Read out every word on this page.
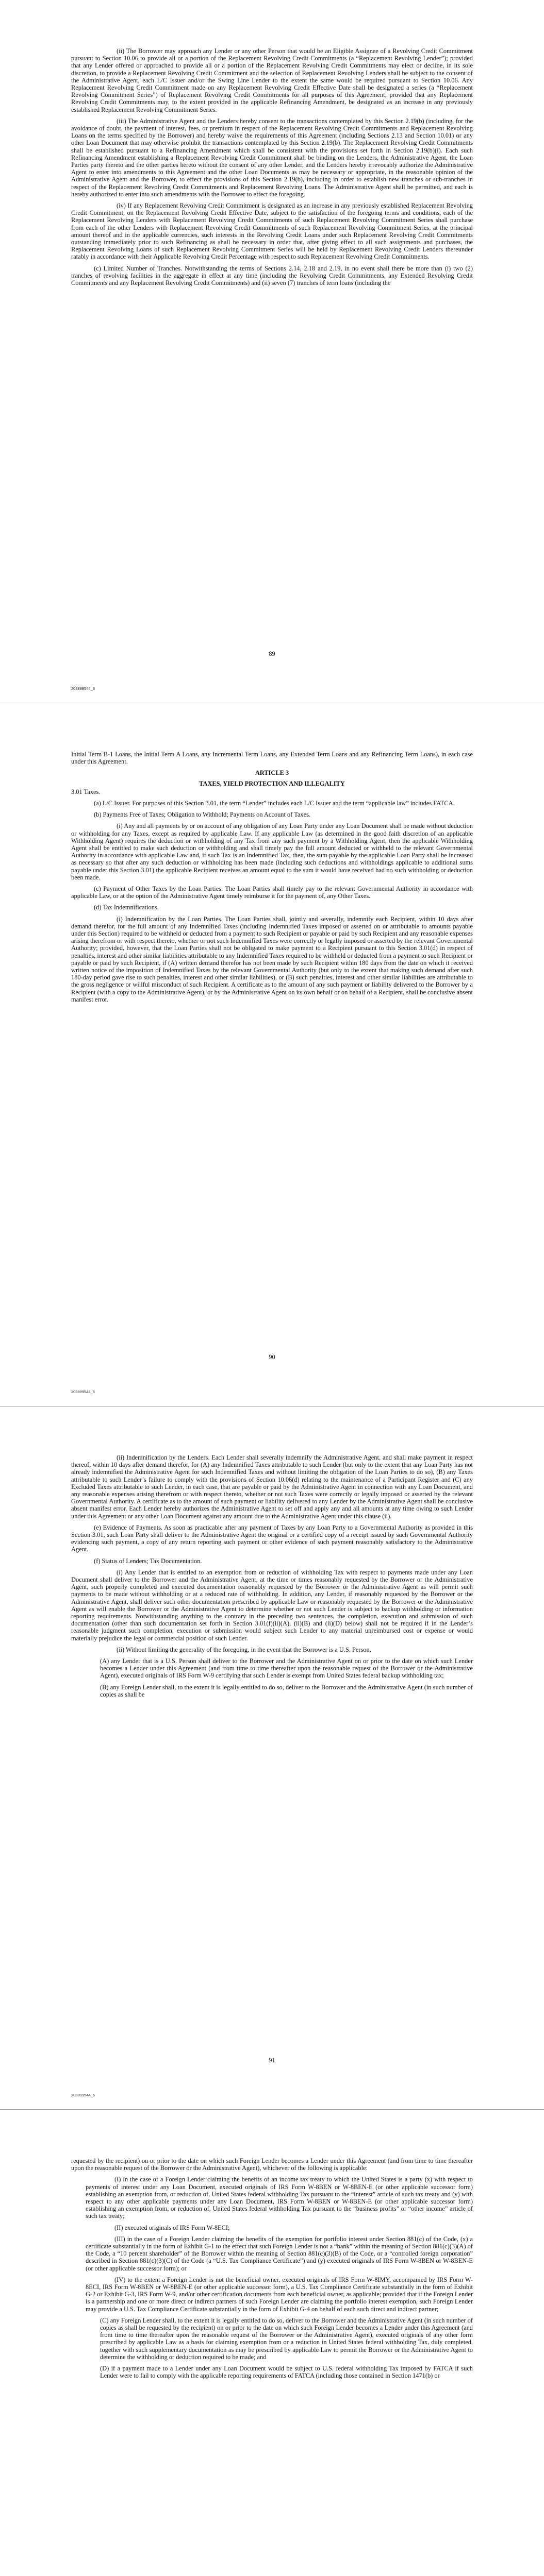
(ii) The Borrower may approach any Lender or any other Person that would be an Eligible Assignee of a Revolving Credit Commitment pursuant to Section 10.06 to provide all or a portion of the Replacement Revolving Credit Commitments (a “Replacement Revolving Lender”); provided that any Lender offered or approached to provide all or a portion of the Replacement Revolving Credit Commitments may elect or decline, in its sole discretion, to provide a Replacement Revolving Credit Commitment and the selection of Replacement Revolving Lenders shall be subject to the consent of the Administrative Agent, each L/C Issuer and/or the Swing Line Lender to the extent the same would be required pursuant to Section 10.06. Any Replacement Revolving Credit Commitment made on any Replacement Revolving Credit Effective Date shall be designated a series (a “Replacement Revolving Commitment Series”) of Replacement Revolving Credit Commitments for all purposes of this Agreement; provided that any Replacement Revolving Credit Commitments may, to the extent provided in the applicable Refinancing Amendment, be designated as an increase in any previously established Replacement Revolving Commitment Series.

(iii) The Administrative Agent and the Lenders hereby consent to the transactions contemplated by this Section 2.19(b) (including, for the avoidance of doubt, the payment of interest, fees, or premium in respect of the Replacement Revolving Credit Commitments and Replacement Revolving Loans on the terms specified by the Borrower) and hereby waive the requirements of this Agreement (including Sections 2.13 and Section 10.01) or any other Loan Document that may otherwise prohibit the transactions contemplated by this Section 2.19(b). The Replacement Revolving Credit Commitments shall be established pursuant to a Refinancing Amendment which shall be consistent with the provisions set forth in Section 2.19(b)(i). Each such Refinancing Amendment establishing a Replacement Revolving Credit Commitment shall be binding on the Lenders, the Administrative Agent, the Loan Parties party thereto and the other parties hereto without the consent of any other Lender, and the Lenders hereby irrevocably authorize the Administrative Agent to enter into amendments to this Agreement and the other Loan Documents as may be necessary or appropriate, in the reasonable opinion of the Administrative Agent and the Borrower, to effect the provisions of this Section 2.19(b), including in order to establish new tranches or sub-tranches in respect of the Replacement Revolving Credit Commitments and Replacement Revolving Loans. The Administrative Agent shall be permitted, and each is hereby authorized to enter into such amendments with the Borrower to effect the foregoing.

(iv) If any Replacement Revolving Credit Commitment is designated as an increase in any previously established Replacement Revolving Credit Commitment, on the Replacement Revolving Credit Effective Date, subject to the satisfaction of the foregoing terms and conditions, each of the Replacement Revolving Lenders with Replacement Revolving Credit Commitments of such Replacement Revolving Commitment Series shall purchase from each of the other Lenders with Replacement Revolving Credit Commitments of such Replacement Revolving Commitment Series, at the principal amount thereof and in the applicable currencies, such interests in the Revolving Credit Loans under such Replacement Revolving Credit Commitments outstanding immediately prior to such Refinancing as shall be necessary in order that, after giving effect to all such assignments and purchases, the Replacement Revolving Loans of such Replacement Revolving Commitment Series will be held by Replacement Revolving Credit Lenders thereunder ratably in accordance with their Applicable Revolving Credit Percentage with respect to such Replacement Revolving Credit Commitments.

(c) Limited Number of Tranches. Notwithstanding the terms of Sections 2.14, 2.18 and 2.19, in no event shall there be more than (i) two (2) tranches of revolving facilities in the aggregate in effect at any time (including the Revolving Credit Commitments, any Extended Revolving Credit Commitments and any Replacement Revolving Credit Commitments) and (ii) seven (7) tranches of term loans (including the

89
208899544_6

Initial Term B-1 Loans, the Initial Term A Loans, any Incremental Term Loans, any Extended Term Loans and any Refinancing Term Loans), in each case under this Agreement.

ARTICLE 3
TAXES, YIELD PROTECTION AND ILLEGALITY

3.01 Taxes.

(a) L/C Issuer. For purposes of this Section 3.01, the term “Lender” includes each L/C Issuer and the term “applicable law” includes FATCA.

(b) Payments Free of Taxes; Obligation to Withhold; Payments on Account of Taxes.

(i) Any and all payments by or on account of any obligation of any Loan Party under any Loan Document shall be made without deduction or withholding for any Taxes, except as required by applicable Law. If any applicable Law (as determined in the good faith discretion of an applicable Withholding Agent) requires the deduction or withholding of any Tax from any such payment by a Withholding Agent, then the applicable Withholding Agent shall be entitled to make such deduction or withholding and shall timely pay the full amount deducted or withheld to the relevant Governmental Authority in accordance with applicable Law and, if such Tax is an Indemnified Tax, then, the sum payable by the applicable Loan Party shall be increased as necessary so that after any such deduction or withholding has been made (including such deductions and withholdings applicable to additional sums payable under this Section 3.01) the applicable Recipient receives an amount equal to the sum it would have received had no such withholding or deduction been made.

(c) Payment of Other Taxes by the Loan Parties. The Loan Parties shall timely pay to the relevant Governmental Authority in accordance with applicable Law, or at the option of the Administrative Agent timely reimburse it for the payment of, any Other Taxes.

(d) Tax Indemnifications.

(i) Indemnification by the Loan Parties. The Loan Parties shall, jointly and severally, indemnify each Recipient, within 10 days after demand therefor, for the full amount of any Indemnified Taxes (including Indemnified Taxes imposed or asserted on or attributable to amounts payable under this Section) required to be withheld or deducted from a payment to such Recipient or payable or paid by such Recipient and any reasonable expenses arising therefrom or with respect thereto, whether or not such Indemnified Taxes were correctly or legally imposed or asserted by the relevant Governmental Authority; provided, however, that the Loan Parties shall not be obligated to make payment to a Recipient pursuant to this Section 3.01(d) in respect of penalties, interest and other similar liabilities attributable to any Indemnified Taxes required to be withheld or deducted from a payment to such Recipient or payable or paid by such Recipient, if (A) written demand therefor has not been made by such Recipient within 180 days from the date on which it received written notice of the imposition of Indemnified Taxes by the relevant Governmental Authority (but only to the extent that making such demand after such 180-day period gave rise to such penalties, interest and other similar liabilities), or (B) such penalties, interest and other similar liabilities are attributable to the gross negligence or willful misconduct of such Recipient. A certificate as to the amount of any such payment or liability delivered to the Borrower by a Recipient (with a copy to the Administrative Agent), or by the Administrative Agent on its own behalf or on behalf of a Recipient, shall be conclusive absent manifest error.

90
208899544_6

(ii) Indemnification by the Lenders. Each Lender shall severally indemnify the Administrative Agent, and shall make payment in respect thereof, within 10 days after demand therefor, for (A) any Indemnified Taxes attributable to such Lender (but only to the extent that any Loan Party has not already indemnified the Administrative Agent for such Indemnified Taxes and without limiting the obligation of the Loan Parties to do so), (B) any Taxes attributable to such Lender’s failure to comply with the provisions of Section 10.06(d) relating to the maintenance of a Participant Register and (C) any Excluded Taxes attributable to such Lender, in each case, that are payable or paid by the Administrative Agent in connection with any Loan Document, and any reasonable expenses arising therefrom or with respect thereto, whether or not such Taxes were correctly or legally imposed or asserted by the relevant Governmental Authority. A certificate as to the amount of such payment or liability delivered to any Lender by the Administrative Agent shall be conclusive absent manifest error. Each Lender hereby authorizes the Administrative Agent to set off and apply any and all amounts at any time owing to such Lender under this Agreement or any other Loan Document against any amount due to the Administrative Agent under this clause (ii).

(e) Evidence of Payments. As soon as practicable after any payment of Taxes by any Loan Party to a Governmental Authority as provided in this Section 3.01, such Loan Party shall deliver to the Administrative Agent the original or a certified copy of a receipt issued by such Governmental Authority evidencing such payment, a copy of any return reporting such payment or other evidence of such payment reasonably satisfactory to the Administrative Agent.

(f) Status of Lenders; Tax Documentation.

(i) Any Lender that is entitled to an exemption from or reduction of withholding Tax with respect to payments made under any Loan Document shall deliver to the Borrower and the Administrative Agent, at the time or times reasonably requested by the Borrower or the Administrative Agent, such properly completed and executed documentation reasonably requested by the Borrower or the Administrative Agent as will permit such payments to be made without withholding or at a reduced rate of withholding. In addition, any Lender, if reasonably requested by the Borrower or the Administrative Agent, shall deliver such other documentation prescribed by applicable Law or reasonably requested by the Borrower or the Administrative Agent as will enable the Borrower or the Administrative Agent to determine whether or not such Lender is subject to backup withholding or information reporting requirements. Notwithstanding anything to the contrary in the preceding two sentences, the completion, execution and submission of such documentation (other than such documentation set forth in Section 3.01(f)(ii)(A), (ii)(B) and (ii)(D) below) shall not be required if in the Lender’s reasonable judgment such completion, execution or submission would subject such Lender to any material unreimbursed cost or expense or would materially prejudice the legal or commercial position of such Lender.

(ii) Without limiting the generality of the foregoing, in the event that the Borrower is a U.S. Person,

(A) any Lender that is a U.S. Person shall deliver to the Borrower and the Administrative Agent on or prior to the date on which such Lender becomes a Lender under this Agreement (and from time to time thereafter upon the reasonable request of the Borrower or the Administrative Agent), executed originals of IRS Form W-9 certifying that such Lender is exempt from United States federal backup withholding tax;

(B) any Foreign Lender shall, to the extent it is legally entitled to do so, deliver to the Borrower and the Administrative Agent (in such number of copies as shall be

91
208899544_6

requested by the recipient) on or prior to the date on which such Foreign Lender becomes a Lender under this Agreement (and from time to time thereafter upon the reasonable request of the Borrower or the Administrative Agent), whichever of the following is applicable:

(I) in the case of a Foreign Lender claiming the benefits of an income tax treaty to which the United States is a party (x) with respect to payments of interest under any Loan Document, executed originals of IRS Form W-8BEN or W-8BEN-E (or other applicable successor form) establishing an exemption from, or reduction of, United States federal withholding Tax pursuant to the “interest” article of such tax treaty and (y) with respect to any other applicable payments under any Loan Document, IRS Form W-8BEN or W-8BEN-E (or other applicable successor form) establishing an exemption from, or reduction of, United States federal withholding Tax pursuant to the “business profits” or “other income” article of such tax treaty;

(II) executed originals of IRS Form W-8ECI;

(III) in the case of a Foreign Lender claiming the benefits of the exemption for portfolio interest under Section 881(c) of the Code, (x) a certificate substantially in the form of Exhibit G-1 to the effect that such Foreign Lender is not a “bank” within the meaning of Section 881(c)(3)(A) of the Code, a “10 percent shareholder” of the Borrower within the meaning of Section 881(c)(3)(B) of the Code, or a “controlled foreign corporation” described in Section 881(c)(3)(C) of the Code (a “U.S. Tax Compliance Certificate”) and (y) executed originals of IRS Form W-8BEN or W-8BEN-E (or other applicable successor form); or

(IV) to the extent a Foreign Lender is not the beneficial owner, executed originals of IRS Form W-8IMY, accompanied by IRS Form W-8ECI, IRS Form W-8BEN or W-8BEN-E (or other applicable successor form), a U.S. Tax Compliance Certificate substantially in the form of Exhibit G-2 or Exhibit G-3, IRS Form W-9, and/or other certification documents from each beneficial owner, as applicable; provided that if the Foreign Lender is a partnership and one or more direct or indirect partners of such Foreign Lender are claiming the portfolio interest exemption, such Foreign Lender may provide a U.S. Tax Compliance Certificate substantially in the form of Exhibit G-4 on behalf of each such direct and indirect partner;

(C) any Foreign Lender shall, to the extent it is legally entitled to do so, deliver to the Borrower and the Administrative Agent (in such number of copies as shall be requested by the recipient) on or prior to the date on which such Foreign Lender becomes a Lender under this Agreement (and from time to time thereafter upon the reasonable request of the Borrower or the Administrative Agent), executed originals of any other form prescribed by applicable Law as a basis for claiming exemption from or a reduction in United States federal withholding Tax, duly completed, together with such supplementary documentation as may be prescribed by applicable Law to permit the Borrower or the Administrative Agent to determine the withholding or deduction required to be made; and

(D) if a payment made to a Lender under any Loan Document would be subject to U.S. federal withholding Tax imposed by FATCA if such Lender were to fail to comply with the applicable reporting requirements of FATCA (including those contained in Section 1471(b) or
